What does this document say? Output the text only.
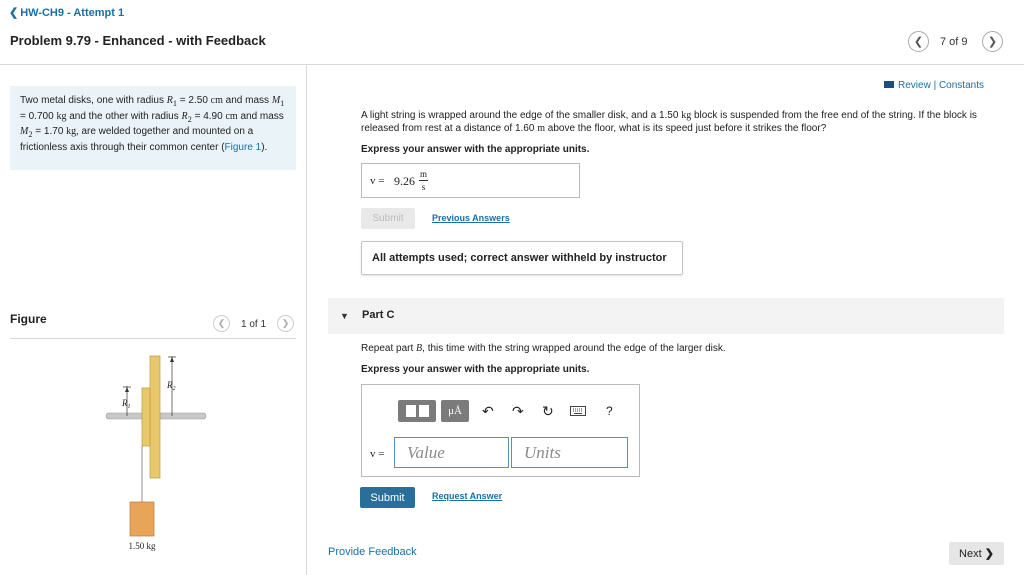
❮ HW-CH9 - Attempt 1
Problem 9.79 - Enhanced - with Feedback	❮ 7 of 9 ❯
Two metal disks, one with radius $R_1 = 2.50$ cm and mass $M_1 = 0.700$ kg and the other with radius $R_2 = 4.90$ cm and mass $M_2 = 1.70$ kg, are welded together and mounted on a frictionless axis through their common center (Figure 1).
Figure	❮ 1 of 1 ❯
$R_1$
$R_2$
1.50 kg
Review | Constants
A light string is wrapped around the edge of the smaller disk, and a 1.50 kg block is suspended from the free end of the string. If the block is released from rest at a distance of 1.60 m above the floor, what is its speed just before it strikes the floor?
Express your answer with the appropriate units.
v = 9.26 m
s
Submit	Previous Answers
All attempts used; correct answer withheld by instructor
▼ Part C
Repeat part B, this time with the string wrapped around the edge of the larger disk.
Express your answer with the appropriate units.
μÅ	↶ ↷ ↻	?
v =	Value	Units
Submit	Request Answer
Provide Feedback	Next
❯
